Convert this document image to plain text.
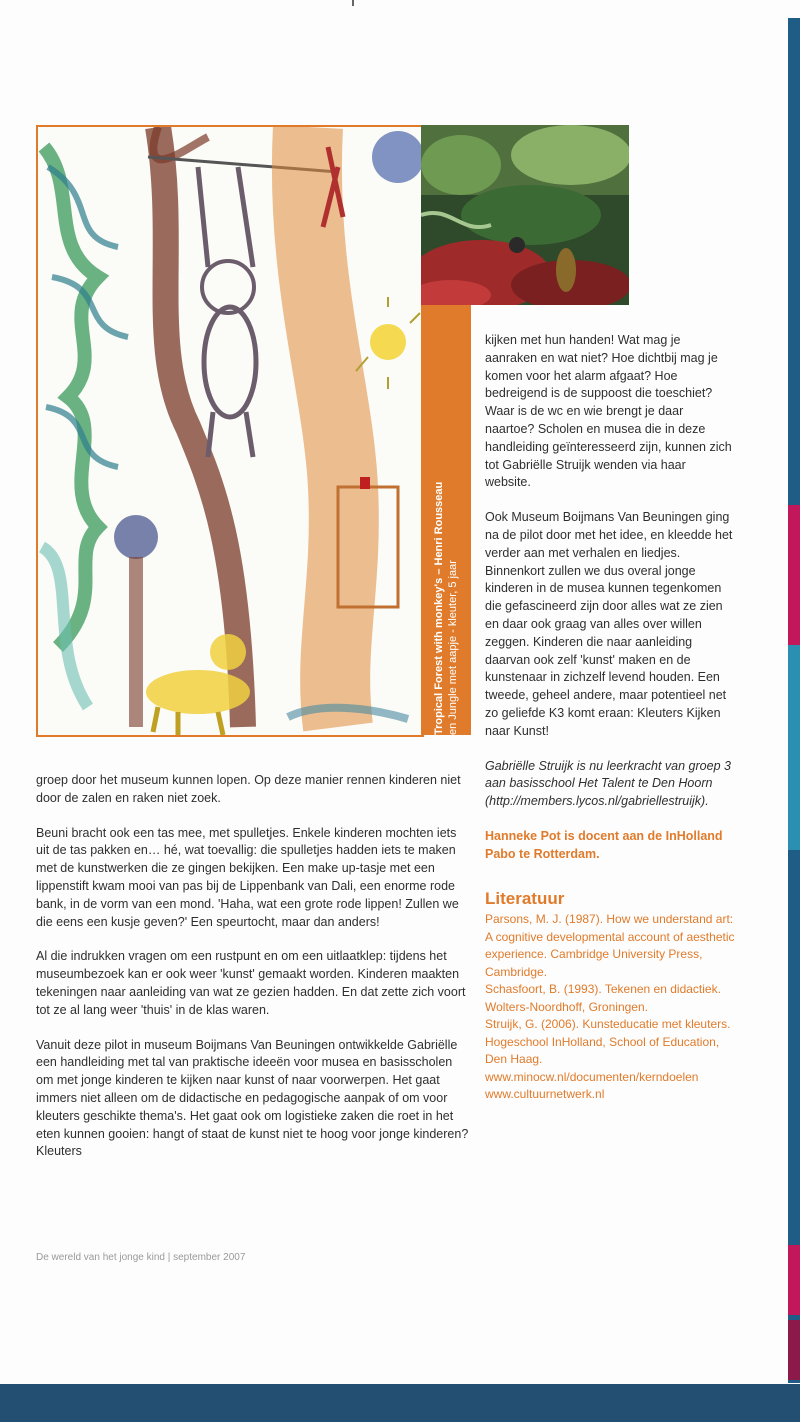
Tropical Forest with monkey's – Henri Rousseau en Jungle met aapje - kleuter, 5 jaar

groep door het museum kunnen lopen. Op deze manier rennen kinderen niet door de zalen en raken niet zoek.

Beuni bracht ook een tas mee, met spulletjes. Enkele kinderen mochten iets uit de tas pakken en… hé, wat toevallig: die spulletjes hadden iets te maken met de kunstwerken die ze gingen bekijken. Een make up-tasje met een lippenstift kwam mooi van pas bij de Lippenbank van Dali, een enorme rode bank, in de vorm van een mond. 'Haha, wat een grote rode lippen! Zullen we die eens een kusje geven?' Een speurtocht, maar dan anders!

Al die indrukken vragen om een rustpunt en om een uitlaatklep: tijdens het museumbezoek kan er ook weer 'kunst' gemaakt worden. Kinderen maakten tekeningen naar aanleiding van wat ze gezien hadden. En dat zette zich voort tot ze al lang weer 'thuis' in de klas waren.

Vanuit deze pilot in museum Boijmans Van Beuningen ontwikkelde Gabriëlle een handleiding met tal van praktische ideeën voor musea en basisscholen om met jonge kinderen te kijken naar kunst of naar voorwerpen. Het gaat immers niet alleen om de didactische en pedagogische aanpak of om voor kleuters geschikte thema's. Het gaat ook om logistieke zaken die roet in het eten kunnen gooien: hangt of staat de kunst niet te hoog voor jonge kinderen? Kleuters

kijken met hun handen! Wat mag je aanraken en wat niet? Hoe dichtbij mag je komen voor het alarm afgaat? Hoe bedreigend is de suppoost die toeschiet? Waar is de wc en wie brengt je daar naartoe? Scholen en musea die in deze handleiding geïnteresseerd zijn, kunnen zich tot Gabriëlle Struijk wenden via haar website.

Ook Museum Boijmans Van Beuningen ging na de pilot door met het idee, en kleedde het verder aan met verhalen en liedjes. Binnenkort zullen we dus overal jonge kinderen in de musea kunnen tegenkomen die gefascineerd zijn door alles wat ze zien en daar ook graag van alles over willen zeggen. Kinderen die naar aanleiding daarvan ook zelf 'kunst' maken en de kunstenaar in zichzelf levend houden. Een tweede, geheel andere, maar potentieel net zo geliefde K3 komt eraan: Kleuters Kijken naar Kunst!

Gabriëlle Struijk is nu leerkracht van groep 3 aan basisschool Het Talent te Den Hoorn (http://members.lycos.nl/gabriellestruijk).

Hanneke Pot is docent aan de InHolland Pabo te Rotterdam.

Literatuur
Parsons, M. J. (1987). How we understand art: A cognitive developmental account of aesthetic experience. Cambridge University Press, Cambridge.
Schasfoort, B. (1993). Tekenen en didactiek. Wolters-Noordhoff, Groningen.
Struijk, G. (2006). Kunsteducatie met kleuters. Hogeschool InHolland, School of Education, Den Haag.
www.minocw.nl/documenten/kerndoelen
www.cultuurnetwerk.nl
De wereld van het jonge kind | september 2007
